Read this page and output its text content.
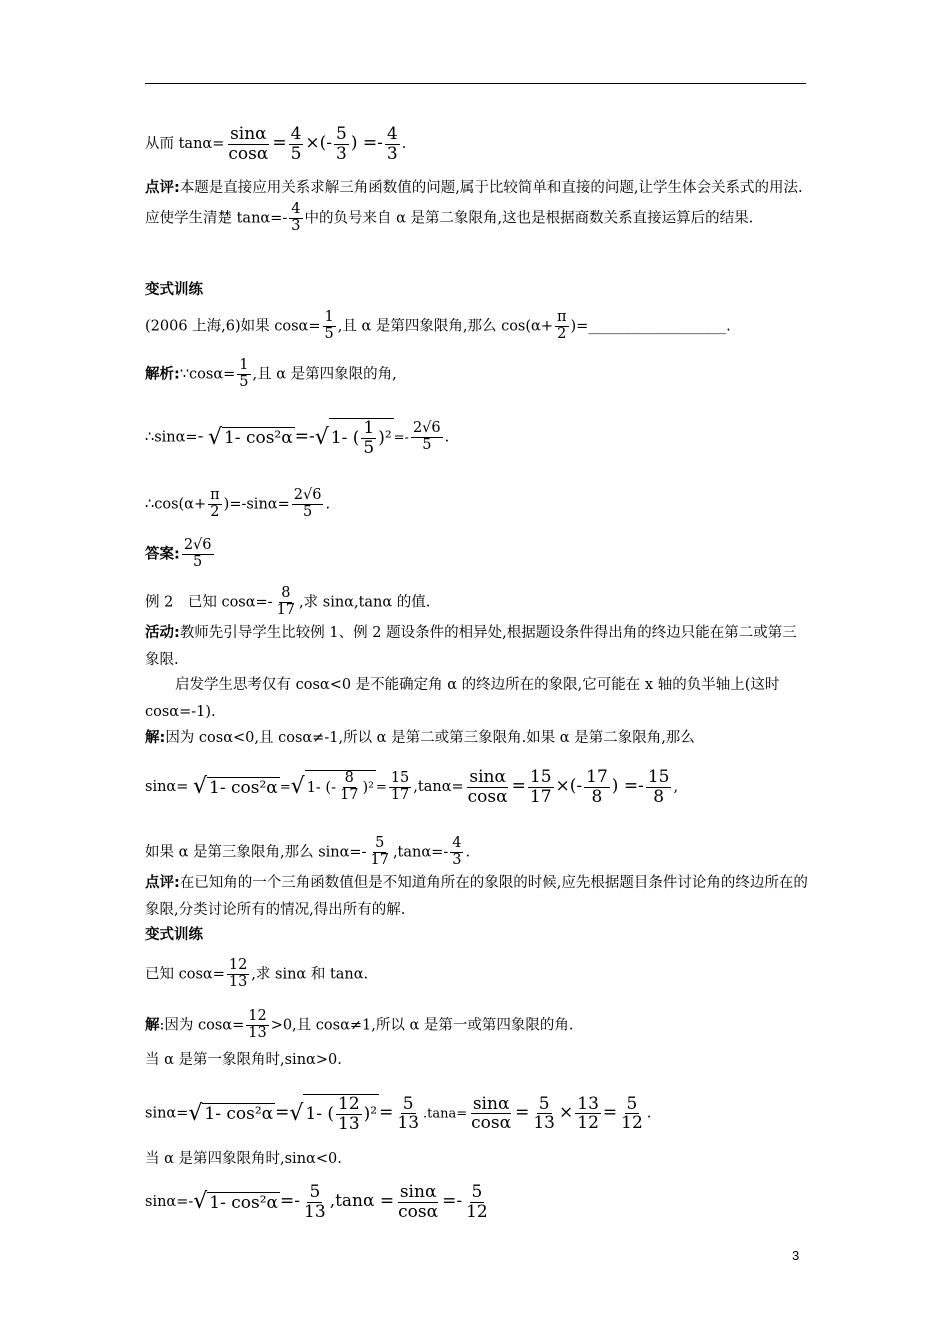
从而 $\tan\alpha= \frac{\sin\alpha}{\cos\alpha} = \frac{4}{5}$ ×(- $\frac{5}{3}$ ) =- $\frac{4}{3}$ .
点评:本题是直接应用关系求解三角函数值的问题,属于比较简单和直接的问题,让学生体会关系式的用法.应使学生清楚 $\tan\alpha=- \frac{4}{3}$ 中的负号来自 α 是第二象限角,这也是根据商数关系直接运算后的结果.
变式训练
(2006 上海,6)如果 $\cos\alpha= \frac{1}{5}$ ,且 α 是第四象限角,那么 $\cos(\alpha+ \frac{\pi}{2}$ )=___________________.
解析:∵cosα= $\frac{1}{5}$ ,且 α 是第四象限的角,
∴sinα=- √ 1- cos²α =- √ 1- (
1
5 )$^2 =- \frac{2√6}{5}$ .
∴cos(α+ $\frac{\pi}{2} )=-\sin\alpha= \frac{2√6}{5}$ .
答案: $\frac{2√6}{5}$
例 2　已知 $\cos\alpha=- \frac{8}{17}$ ,求 sinα,tanα 的值.
活动:教师先引导学生比较例 1、例 2 题设条件的相异处,根据题设条件得出角的终边只能在第二或第三象限.
启发学生思考仅有 cosα<0 是不能确定角 α 的终边所在的象限,它可能在 x 轴的负半轴上(这时 cosα=-1).
解:因为 cosα<0,且 cosα≠-1,所以 α 是第二或第三象限角.如果 α 是第二象限角,那么
sinα= √ 1- cos²α = √ 1- (-
8
17 )$^2 = \frac{15}{17} ,\tan\alpha= \frac{\sin\alpha}{\cos\alpha} = \frac{15}{17}$ ×(- $\frac{17}{8}$ ) =- $\frac{15}{8}$ ,
如果 α 是第三象限角,那么 $\sin\alpha=- \frac{5}{17} ,\tan\alpha=- \frac{4}{3}$ .
点评:在已知角的一个三角函数值但是不知道角所在的象限的时候,应先根据题目条件讨论角的终边所在的象限,分类讨论所有的情况,得出所有的解.
变式训练
已知 $\cos\alpha= \frac{12}{13}$ ,求 sinα 和 tanα.
解:因为 $\cos\alpha= \frac{12}{13} >0$,且 cosα≠1,所以 α 是第一或第四象限的角.
当 α 是第一象限角时,sinα>0.
sinα= √ 1- cos²α = √ 1- (
12
13 )$^2 = \frac{5}{13} .\tan a= \frac{\sin\alpha}{\cos\alpha} = \frac{5}{13} \times \frac{13}{12} = \frac{5}{12}$ .
当 α 是第四象限角时,sinα<0.
sinα=- √ 1- $\cos^2\alpha =- \frac{5}{13} ,\tan\alpha = \frac{\sin\alpha}{\cos\alpha} =- \frac{5}{12}$
3
